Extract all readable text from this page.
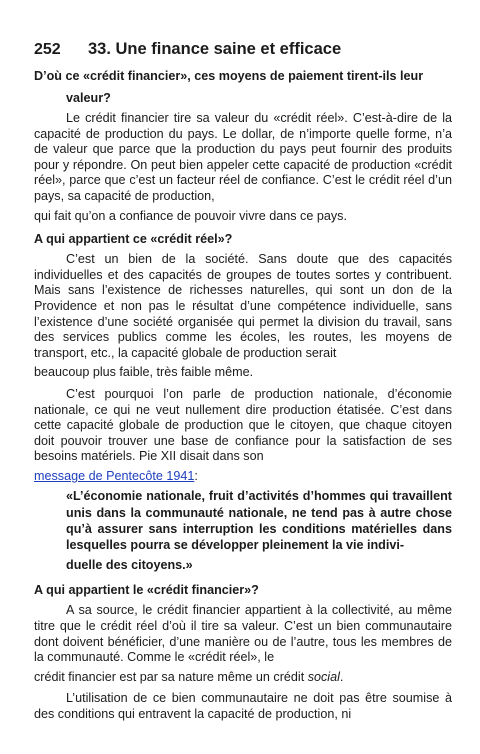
252	33. Une finance saine et efficace
D’où ce «crédit financier», ces moyens de paiement tirent-ils leur
valeur?

Le crédit financier tire sa valeur du «crédit réel». C’est-à-dire de la capacité de production du pays. Le dollar, de n’importe quelle forme, n’a de valeur que parce que la production du pays peut fournir des produits pour y répondre. On peut bien appeler cette capacité de production «crédit réel», parce que c’est un facteur réel de confiance. C’est le crédit réel d’un pays, sa capacité de production,

qui fait qu’on a confiance de pouvoir vivre dans ce pays.

A qui appartient ce «crédit réel»?

C’est un bien de la société. Sans doute que des capacités individuelles et des capacités de groupes de toutes sortes y contribuent. Mais sans l’existence de richesses naturelles, qui sont un don de la Providence et non pas le résultat d’une compétence individuelle, sans l’existence d’une société organisée qui permet la division du travail, sans des services publics comme les écoles, les routes, les moyens de transport, etc., la capacité globale de production serait

beaucoup plus faible, très faible même.

C’est pourquoi l’on parle de production nationale, d’économie nationale, ce qui ne veut nullement dire production étatisée. C’est dans cette capacité globale de production que le citoyen, que chaque citoyen doit pouvoir trouver une base de confiance pour la satisfaction de ses besoins matériels. Pie XII disait dans son

message de Pentecôte 1941:

«L’économie nationale, fruit d’activités d’hommes qui travaillent unis dans la communauté nationale, ne tend pas à autre chose qu’à assurer sans interruption les conditions matérielles dans lesquelles pourra se développer pleinement la vie indivi-
duelle des citoyens.»
A qui appartient le «crédit financier»?

A sa source, le crédit financier appartient à la collectivité, au même titre que le crédit réel d’où il tire sa valeur. C’est un bien communautaire dont doivent bénéficier, d’une manière ou de l’autre, tous les membres de la communauté. Comme le «crédit réel», le

crédit financier est par sa nature même un crédit social.

L’utilisation de ce bien communautaire ne doit pas être soumise à des conditions qui entravent la capacité de production, ni
